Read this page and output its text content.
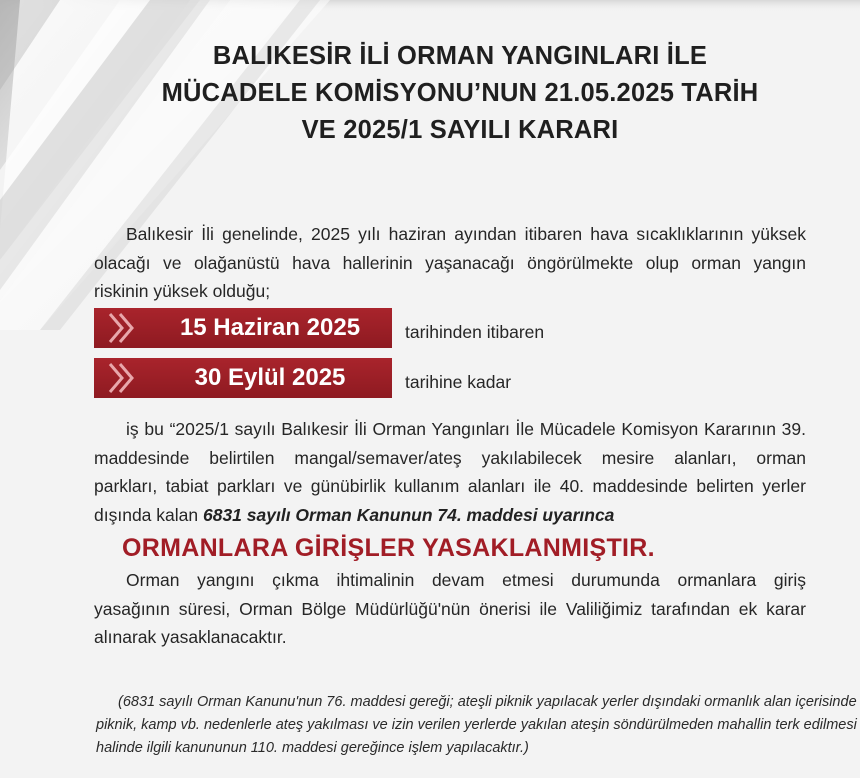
BALIKESİR İLİ ORMAN YANGINLARI İLE
MÜCADELE KOMİSYONU’NUN 21.05.2025 TARİH
VE 2025/1 SAYILI KARARI
Balıkesir İli genelinde, 2025 yılı haziran ayından itibaren hava sıcaklıklarının yüksek
olacağı ve olağanüstü hava hallerinin yaşanacağı öngörülmekte olup orman yangın
riskinin yüksek olduğu;
15 Haziran 2025	tarihinden itibaren
30 Eylül 2025	tarihine kadar
iş bu “2025/1 sayılı Balıkesir İli Orman Yangınları İle Mücadele Komisyon Kararının 39.
maddesinde belirtilen mangal/semaver/ateş yakılabilecek mesire alanları, orman
parkları, tabiat parkları ve günübirlik kullanım alanları ile 40. maddesinde belirten yerler
dışında kalan 6831 sayılı Orman Kanunun 74. maddesi uyarınca
ORMANLARA GİRİŞLER YASAKLANMIŞTIR.
Orman yangını çıkma ihtimalinin devam etmesi durumunda ormanlara giriş
yasağının süresi, Orman Bölge Müdürlüğü'nün önerisi ile Valiliğimiz tarafından ek karar
alınarak yasaklanacaktır.
(6831 sayılı Orman Kanunu'nun 76. maddesi gereği; ateşli piknik yapılacak yerler dışındaki ormanlık alan içerisinde
piknik, kamp vb. nedenlerle ateş yakılması ve izin verilen yerlerde yakılan ateşin söndürülmeden mahallin terk edilmesi
halinde ilgili kanununun 110. maddesi gereğince işlem yapılacaktır.)
